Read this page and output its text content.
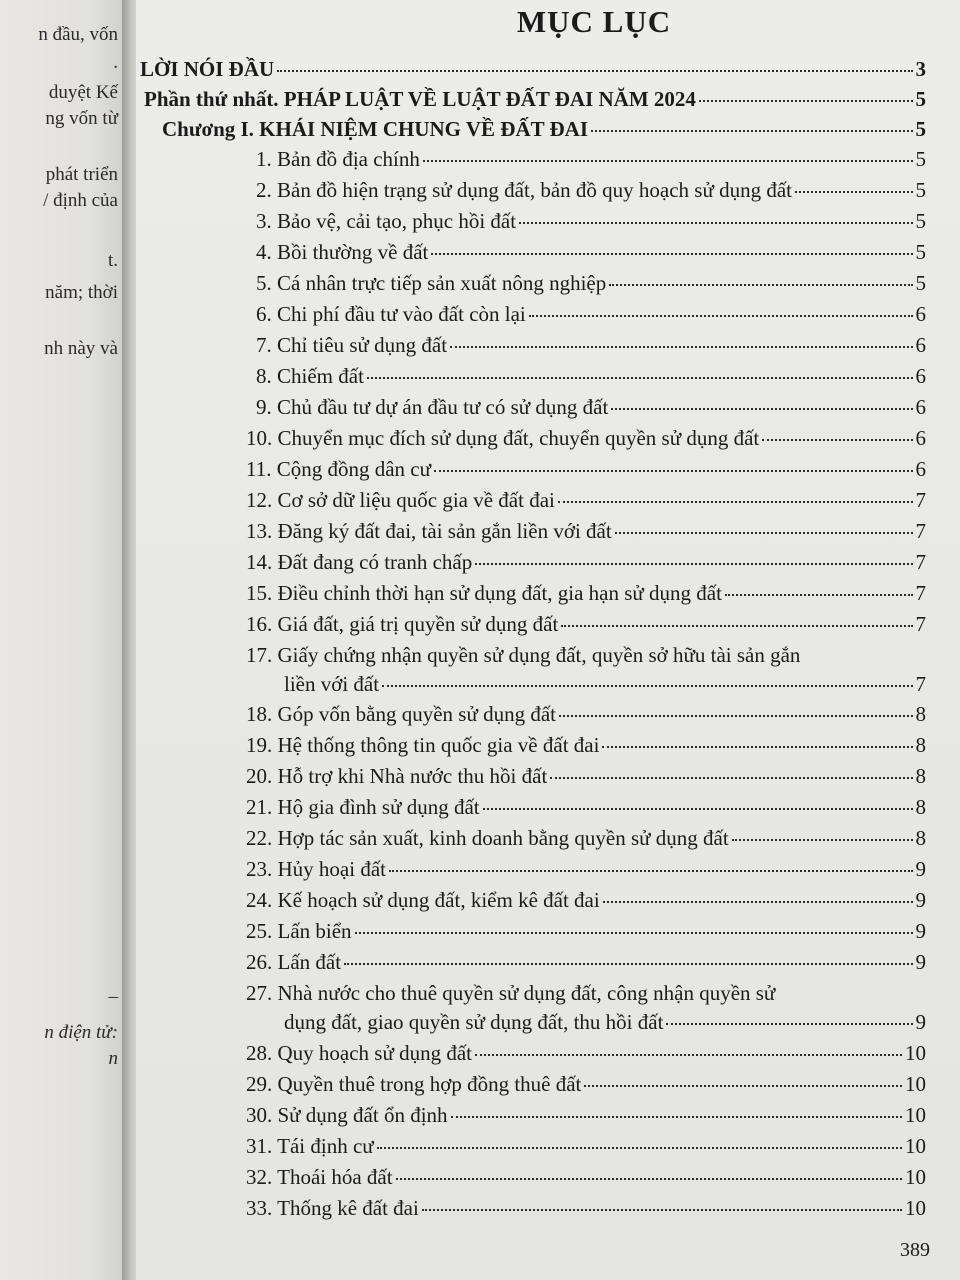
n đầu, vốn
.
duyệt Kế
ng vốn từ
phát triển
/ định của
t.
năm; thời
nh này và
–
n điện tử:
n
MỤC LỤC
389
LỜI NÓI ĐẦU	3
Phần thứ nhất. PHÁP LUẬT VỀ LUẬT ĐẤT ĐAI NĂM 2024	5
Chương I. KHÁI NIỆM CHUNG VỀ ĐẤT ĐAI	5
1. Bản đồ địa chính	5
2. Bản đồ hiện trạng sử dụng đất, bản đồ quy hoạch sử dụng đất	5
3. Bảo vệ, cải tạo, phục hồi đất	5
4. Bồi thường về đất	5
5. Cá nhân trực tiếp sản xuất nông nghiệp	5
6. Chi phí đầu tư vào đất còn lại	6
7. Chỉ tiêu sử dụng đất	6
8. Chiếm đất	6
9. Chủ đầu tư dự án đầu tư có sử dụng đất	6
10. Chuyển mục đích sử dụng đất, chuyển quyền sử dụng đất	6
11. Cộng đồng dân cư	6
12. Cơ sở dữ liệu quốc gia về đất đai	7
13. Đăng ký đất đai, tài sản gắn liền với đất	7
14. Đất đang có tranh chấp	7
15. Điều chỉnh thời hạn sử dụng đất, gia hạn sử dụng đất	7
16. Giá đất, giá trị quyền sử dụng đất	7
17. Giấy chứng nhận quyền sử dụng đất, quyền sở hữu tài sản gắn
liền với đất	7
18. Góp vốn bằng quyền sử dụng đất	8
19. Hệ thống thông tin quốc gia về đất đai	8
20. Hỗ trợ khi Nhà nước thu hồi đất	8
21. Hộ gia đình sử dụng đất	8
22. Hợp tác sản xuất, kinh doanh bằng quyền sử dụng đất	8
23. Hủy hoại đất	9
24. Kế hoạch sử dụng đất, kiểm kê đất đai	9
25. Lấn biển	9
26. Lấn đất	9
27. Nhà nước cho thuê quyền sử dụng đất, công nhận quyền sử
dụng đất, giao quyền sử dụng đất, thu hồi đất	9
28. Quy hoạch sử dụng đất	10
29. Quyền thuê trong hợp đồng thuê đất	10
30. Sử dụng đất ổn định	10
31. Tái định cư	10
32. Thoái hóa đất	10
33. Thống kê đất đai	10
